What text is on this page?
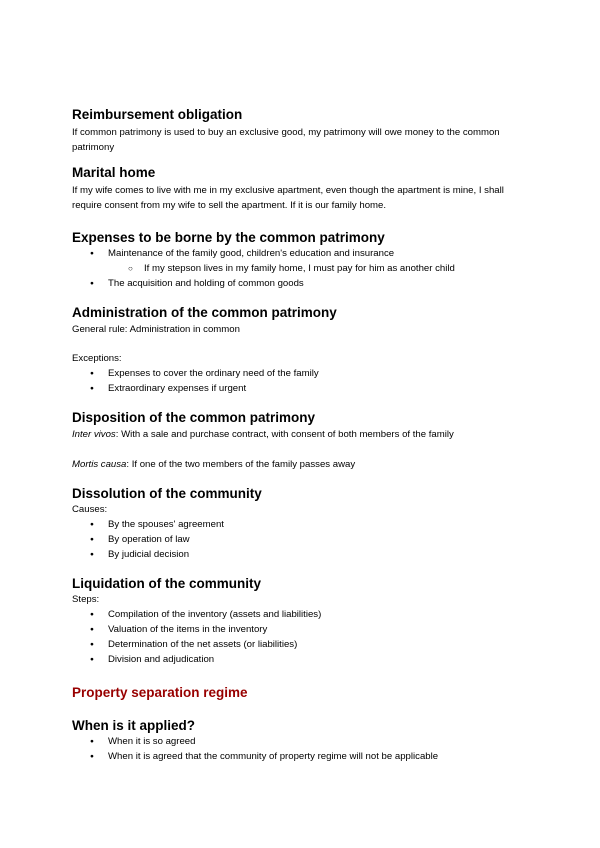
Reimbursement obligation

If common patrimony is used to buy an exclusive good, my patrimony will owe money to the common patrimony

Marital home

If my wife comes to live with me in my exclusive apartment, even though the apartment is mine, I shall require consent from my wife to sell the apartment. If it is our family home.

Expenses to be borne by the common patrimony

● Maintenance of the family good, children's education and insurance
○ If my stepson lives in my family home, I must pay for him as another child
● The acquisition and holding of common goods

Administration of the common patrimony

General rule: Administration in common

Exceptions:

● Expenses to cover the ordinary need of the family
● Extraordinary expenses if urgent

Disposition of the common patrimony

Inter vivos: With a sale and purchase contract, with consent of both members of the family

Mortis causa: If one of the two members of the family passes away

Dissolution of the community

Causes:

● By the spouses' agreement
● By operation of law
● By judicial decision

Liquidation of the community

Steps:

● Compilation of the inventory (assets and liabilities)
● Valuation of the items in the inventory
● Determination of the net assets (or liabilities)
● Division and adjudication

Property separation regime

When is it applied?

● When it is so agreed
● When it is agreed that the community of property regime will not be applicable
